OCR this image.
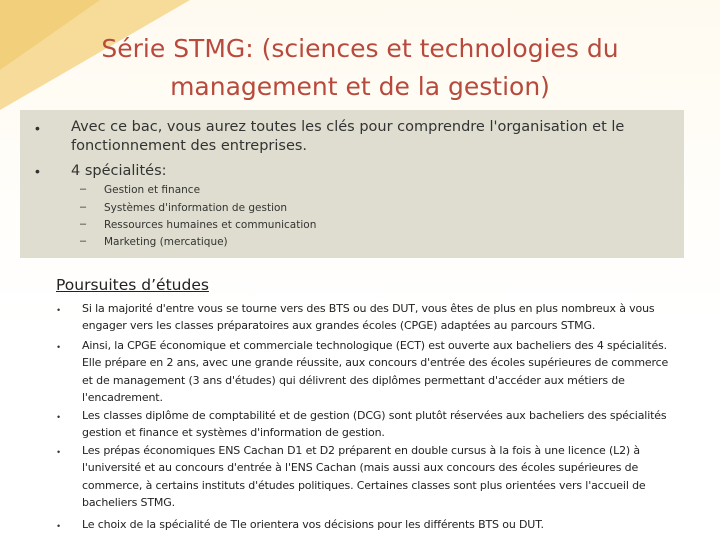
Série STMG: (sciences et technologies du management et de la gestion)
• Avec ce bac, vous aurez toutes les clés pour comprendre l'organisation et le fonctionnement des entreprises.
• 4 spécialités:
– Gestion et finance
– Systèmes d'information de gestion
– Ressources humaines et communication
– Marketing (mercatique)
Poursuites d’études
• Si la majorité d'entre vous se tourne vers des BTS ou des DUT, vous êtes de plus en plus nombreux à vous engager vers les classes préparatoires aux grandes écoles (CPGE) adaptées au parcours STMG.
• Ainsi, la CPGE économique et commerciale technologique (ECT) est ouverte aux bacheliers des 4 spécialités. Elle prépare en 2 ans, avec une grande réussite, aux concours d'entrée des écoles supérieures de commerce et de management (3 ans d'études) qui délivrent des diplômes permettant d'accéder aux métiers de l'encadrement.
• Les classes diplôme de comptabilité et de gestion (DCG) sont plutôt réservées aux bacheliers des spécialités gestion et finance et systèmes d'information de gestion.
• Les prépas économiques ENS Cachan D1 et D2 préparent en double cursus à la fois à une licence (L2) à l'université et au concours d'entrée à l'ENS Cachan (mais aussi aux concours des écoles supérieures de commerce, à certains instituts d'études politiques. Certaines classes sont plus orientées vers l'accueil de bacheliers STMG.
• Le choix de la spécialité de Tle orientera vos décisions pour les différents BTS ou DUT.
